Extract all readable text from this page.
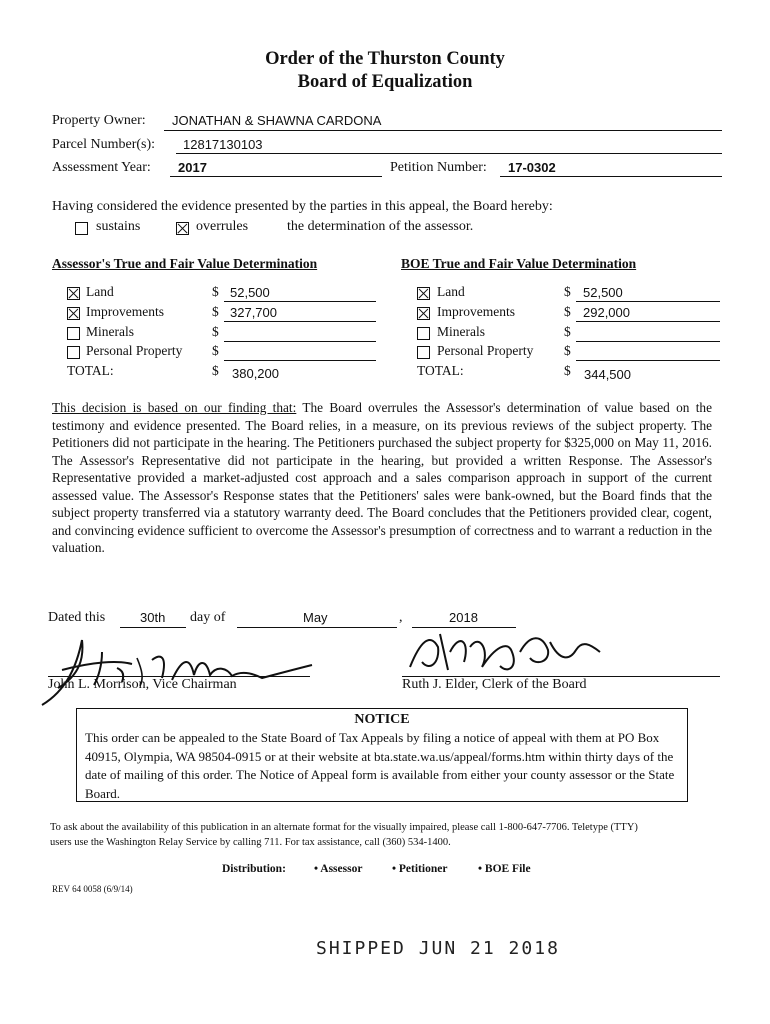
Order of the Thurston County
Board of Equalization
Property Owner: JONATHAN & SHAWNA CARDONA
Parcel Number(s): 12817130103
Assessment Year: 2017	Petition Number: 17-0302
Having considered the evidence presented by the parties in this appeal, the Board hereby:
sustains	overrules	the determination of the assessor.
Assessor's True and Fair Value Determination	BOE True and Fair Value Determination
Land	$ 52,500
Improvements	$ 327,700
Minerals	$
Personal Property $
TOTAL:	$ 380,200
Land	$ 52,500
Improvements	$ 292,000
Minerals	$
Personal Property $
TOTAL:	$ 344,500
This decision is based on our finding that: The Board overrules the Assessor's determination of value based on the testimony and evidence presented. The Board relies, in a measure, on its previous reviews of the subject property. The Petitioners did not participate in the hearing. The Petitioners purchased the subject property for $325,000 on May 11, 2016. The Assessor's Representative did not participate in the hearing, but provided a written Response. The Assessor's Representative provided a market-adjusted cost approach and a sales comparison approach in support of the current assessed value. The Assessor's Response states that the Petitioners' sales were bank-owned, but the Board finds that the subject property transferred via a statutory warranty deed. The Board concludes that the Petitioners provided clear, cogent, and convincing evidence sufficient to overcome the Assessor's presumption of correctness and to warrant a reduction in the valuation.
Dated this	30th day of	May	,	2018
John L. Morrison, Vice Chairman	Ruth J. Elder, Clerk of the Board
NOTICE
This order can be appealed to the State Board of Tax Appeals by filing a notice of appeal with them at PO Box 40915, Olympia, WA 98504-0915 or at their website at bta.state.wa.us/appeal/forms.htm within thirty days of the date of mailing of this order. The Notice of Appeal form is available from either your county assessor or the State Board.
To ask about the availability of this publication in an alternate format for the visually impaired, please call 1-800-647-7706. Teletype (TTY) users use the Washington Relay Service by calling 711. For tax assistance, call (360) 534-1400.
Distribution: • Assessor	• Petitioner	• BOE File
REV 64 0058 (6/9/14)
SHIPPED JUN 21 2018
